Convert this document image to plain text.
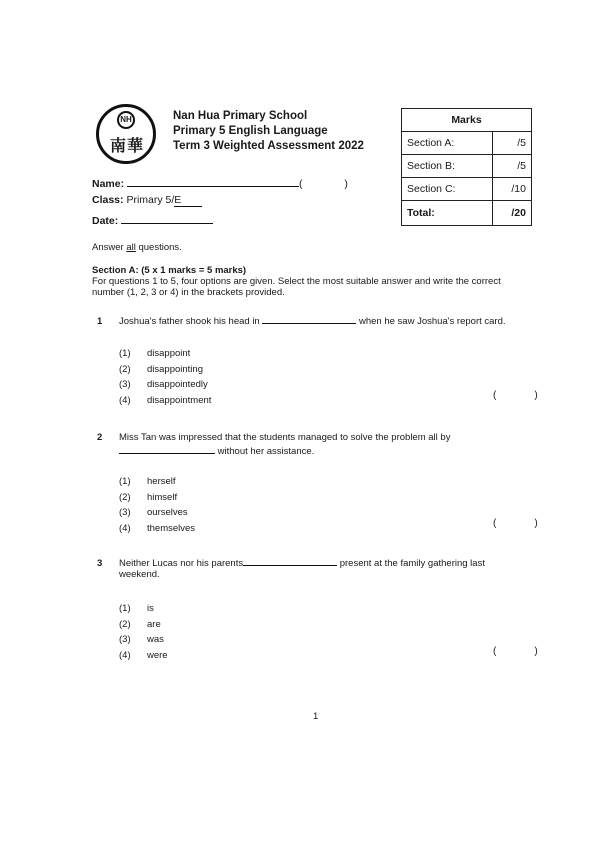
NH
南華
Nan Hua Primary School
Primary 5 English Language
Term 3 Weighted Assessment 2022
Marks	
Section A:	/5
Section B:	/5
Section C:	/10
Total:	/20
Name:	(	)
Class: Primary 5/E
Date:
Answer all questions.
Section A: (5 x 1 marks = 5 marks)
For questions 1 to 5, four options are given. Select the most suitable answer and write the correct
number (1, 2, 3 or 4) in the brackets provided.
1 Joshua's father shook his head in	when he saw Joshua's report card.
(1) disappoint
(2) disappointing
(3) disappointedly
(4) disappointment	(	)
2 Miss Tan was impressed that the students managed to solve the problem all by
without her assistance.
(1) herself
(2) himself
(3) ourselves
(4) themselves	(	)
3 Neither Lucas nor his parents	present at the family gathering last
weekend.
(1) is
(2) are
(3) was
(4) were	(	)
1
